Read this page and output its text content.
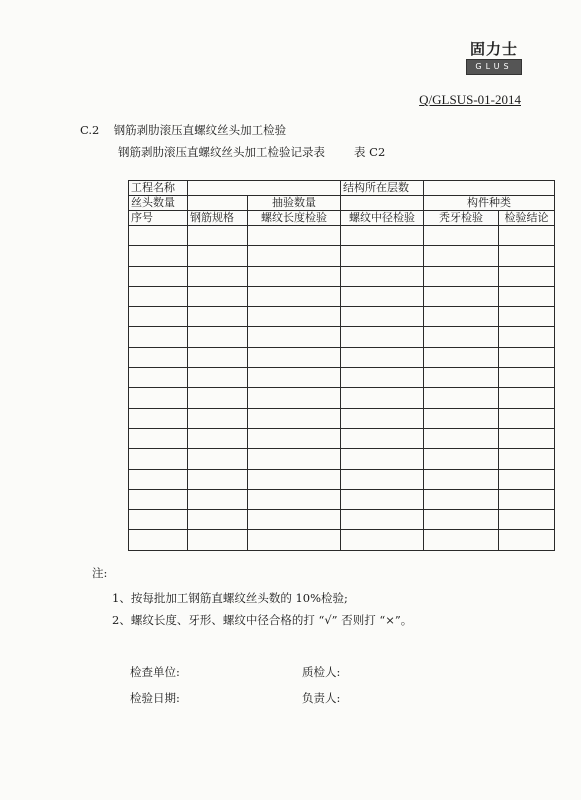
固力士
GLUS
Q/GLSUS-01-2014
C.2 钢筋剥肋滚压直螺纹丝头加工检验
钢筋剥肋滚压直螺纹丝头加工检验记录表	表 C2
工程名称			结构所在层数		
丝头数量		抽验数量		构件种类	
序号	钢筋规格	螺纹长度检验	螺纹中径检验	秃牙检验	检验结论

注:
1、按每批加工钢筋直螺纹丝头数的 10%检验;
2、螺纹长度、牙形、螺纹中径合格的打 “√” 否则打 “×”。
检查单位:	质检人:
检验日期:	负责人:
